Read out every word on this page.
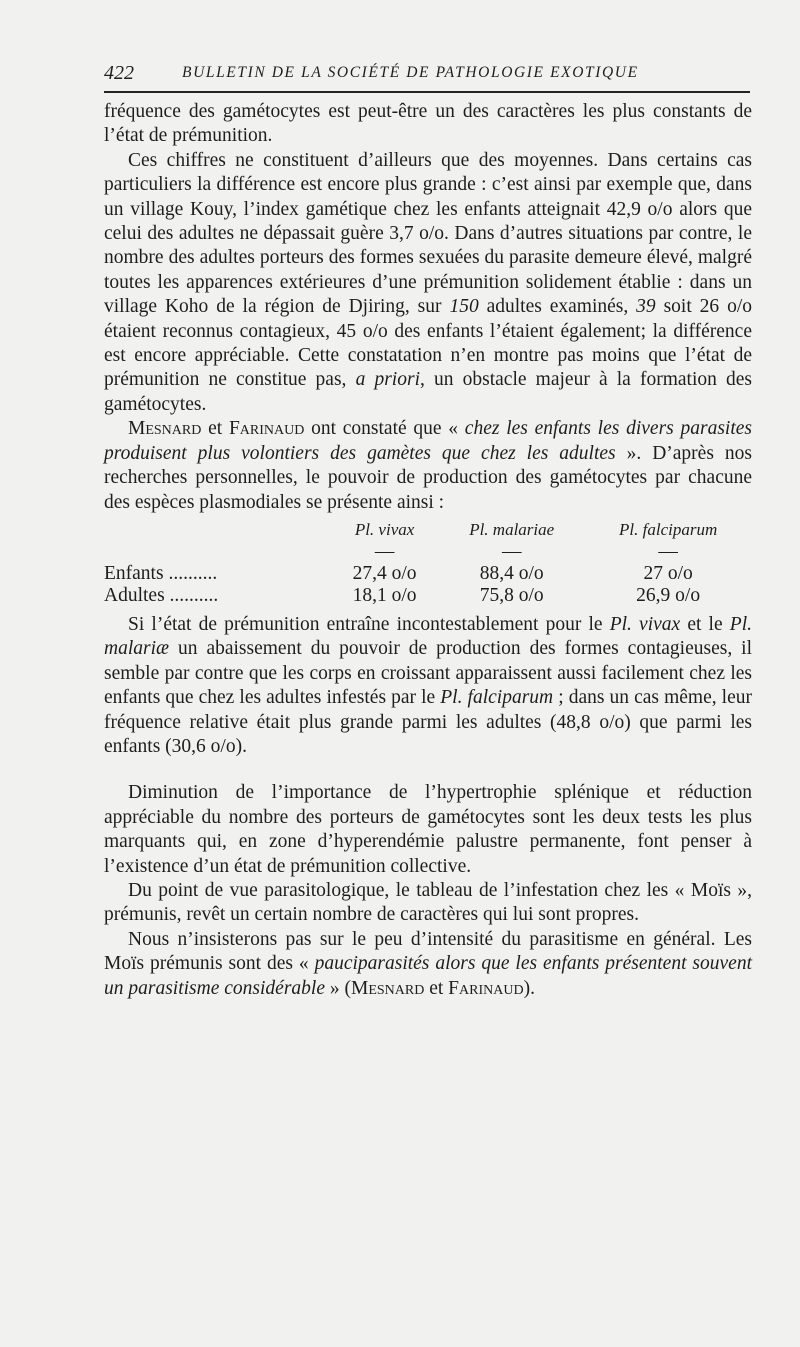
422	BULLETIN DE LA SOCIÉTÉ DE PATHOLOGIE EXOTIQUE

fréquence des gamétocytes est peut-être un des caractères les plus constants de l’état de prémunition.

Ces chiffres ne constituent d’ailleurs que des moyennes. Dans certains cas particuliers la différence est encore plus grande : c’est ainsi par exemple que, dans un village Kouy, l’index gamétique chez les enfants atteignait 42,9 o/o alors que celui des adultes ne dépassait guère 3,7 o/o. Dans d’autres situations par contre, le nombre des adultes porteurs des formes sexuées du parasite demeure élevé, malgré toutes les apparences extérieures d’une prémunition solidement établie : dans un village Koho de la région de Djiring, sur 150 adultes examinés, 39 soit 26 o/o étaient reconnus contagieux, 45 o/o des enfants l’étaient également; la différence est encore appréciable. Cette constatation n’en montre pas moins que l’état de prémunition ne constitue pas, a priori, un obstacle majeur à la formation des gamétocytes.

Mesnard et Farinaud ont constaté que « chez les enfants les divers parasites produisent plus volontiers des gamètes que chez les adultes ». D’après nos recherches personnelles, le pouvoir de production des gamétocytes par chacune des espèces plasmodiales se présente ainsi :

	Pl. vivax	Pl. malariae	Pl. falciparum
	—	—	—
Enfants ..........	27,4 o/o	88,4 o/o	27 o/o
Adultes ..........	18,1 o/o	75,8 o/o	26,9 o/o

Si l’état de prémunition entraîne incontestablement pour le Pl. vivax et le Pl. malariæ un abaissement du pouvoir de production des formes contagieuses, il semble par contre que les corps en croissant apparaissent aussi facilement chez les enfants que chez les adultes infestés par le Pl. falciparum ; dans un cas même, leur fréquence relative était plus grande parmi les adultes (48,8 o/o) que parmi les enfants (30,6 o/o).

Diminution de l’importance de l’hypertrophie splénique et réduction appréciable du nombre des porteurs de gamétocytes sont les deux tests les plus marquants qui, en zone d’hyperendémie palustre permanente, font penser à l’existence d’un état de prémunition collective.

Du point de vue parasitologique, le tableau de l’infestation chez les « Moïs », prémunis, revêt un certain nombre de caractères qui lui sont propres.

Nous n’insisterons pas sur le peu d’intensité du parasitisme en général. Les Moïs prémunis sont des « pauciparasités alors que les enfants présentent souvent un parasitisme considérable » (Mesnard et Farinaud).
